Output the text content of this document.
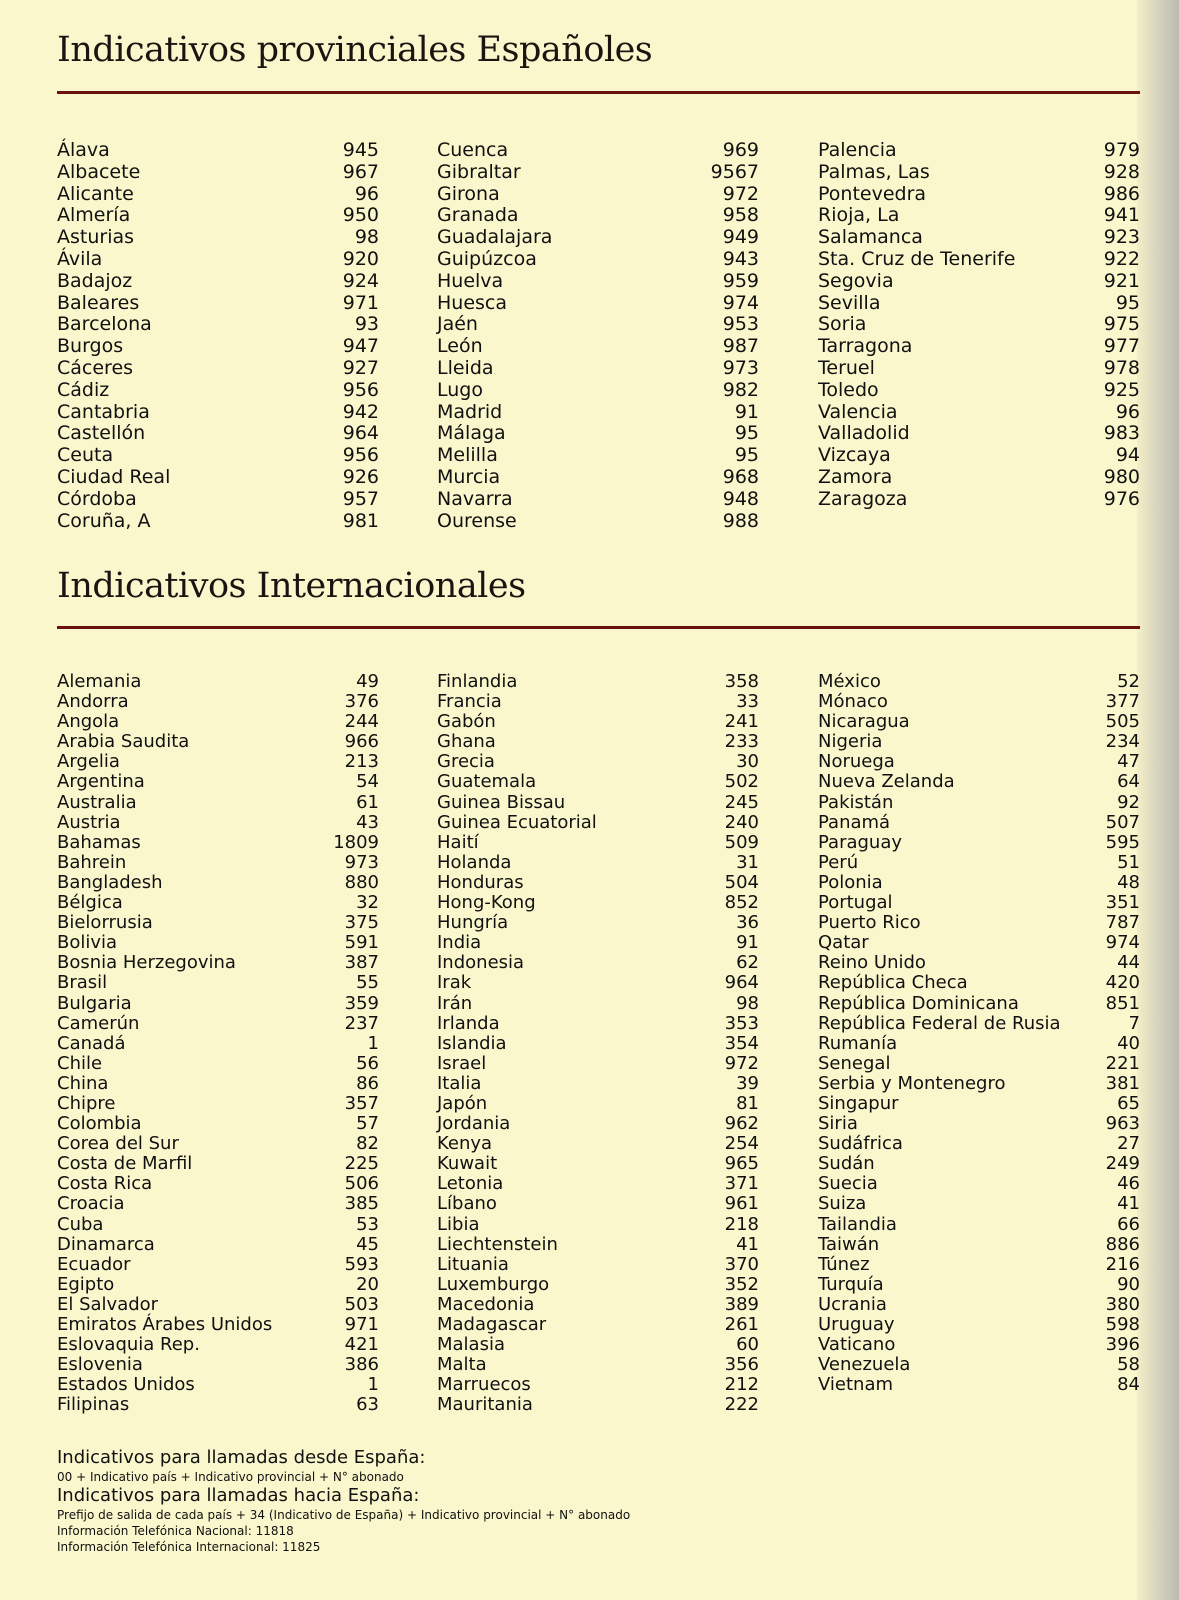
Indicativos provinciales Españoles
Álava	945
Albacete	967
Alicante	96
Almería	950
Asturias	98
Ávila	920
Badajoz	924
Baleares	971
Barcelona	93
Burgos	947
Cáceres	927
Cádiz	956
Cantabria	942
Castellón	964
Ceuta	956
Ciudad Real	926
Córdoba	957
Coruña, A	981
Cuenca	969
Gibraltar	9567
Girona	972
Granada	958
Guadalajara	949
Guipúzcoa	943
Huelva	959
Huesca	974
Jaén	953
León	987
Lleida	973
Lugo	982
Madrid	91
Málaga	95
Melilla	95
Murcia	968
Navarra	948
Ourense	988
Palencia	979
Palmas, Las	928
Pontevedra	986
Rioja, La	941
Salamanca	923
Sta. Cruz de Tenerife	922
Segovia	921
Sevilla	95
Soria	975
Tarragona	977
Teruel	978
Toledo	925
Valencia	96
Valladolid	983
Vizcaya	94
Zamora	980
Zaragoza	976
Indicativos Internacionales
Alemania	49
Andorra	376
Angola	244
Arabia Saudita	966
Argelia	213
Argentina	54
Australia	61
Austria	43
Bahamas	1809
Bahrein	973
Bangladesh	880
Bélgica	32
Bielorrusia	375
Bolivia	591
Bosnia Herzegovina	387
Brasil	55
Bulgaria	359
Camerún	237
Canadá	1
Chile	56
China	86
Chipre	357
Colombia	57
Corea del Sur	82
Costa de Marfil	225
Costa Rica	506
Croacia	385
Cuba	53
Dinamarca	45
Ecuador	593
Egipto	20
El Salvador	503
Emiratos Árabes Unidos	971
Eslovaquia Rep.	421
Eslovenia	386
Estados Unidos	1
Filipinas	63
Finlandia	358
Francia	33
Gabón	241
Ghana	233
Grecia	30
Guatemala	502
Guinea Bissau	245
Guinea Ecuatorial	240
Haití	509
Holanda	31
Honduras	504
Hong-Kong	852
Hungría	36
India	91
Indonesia	62
Irak	964
Irán	98
Irlanda	353
Islandia	354
Israel	972
Italia	39
Japón	81
Jordania	962
Kenya	254
Kuwait	965
Letonia	371
Líbano	961
Libia	218
Liechtenstein	41
Lituania	370
Luxemburgo	352
Macedonia	389
Madagascar	261
Malasia	60
Malta	356
Marruecos	212
Mauritania	222
México	52
Mónaco	377
Nicaragua	505
Nigeria	234
Noruega	47
Nueva Zelanda	64
Pakistán	92
Panamá	507
Paraguay	595
Perú	51
Polonia	48
Portugal	351
Puerto Rico	787
Qatar	974
Reino Unido	44
República Checa	420
República Dominicana	851
República Federal de Rusia	7
Rumanía	40
Senegal	221
Serbia y Montenegro	381
Singapur	65
Siria	963
Sudáfrica	27
Sudán	249
Suecia	46
Suiza	41
Tailandia	66
Taiwán	886
Túnez	216
Turquía	90
Ucrania	380
Uruguay	598
Vaticano	396
Venezuela	58
Vietnam	84
Indicativos para llamadas desde España:
00 + Indicativo país + Indicativo provincial + N° abonado
Indicativos para llamadas hacia España:
Prefijo de salida de cada país + 34 (Indicativo de España) + Indicativo provincial + N° abonado
Información Telefónica Nacional: 11818
Información Telefónica Internacional: 11825
